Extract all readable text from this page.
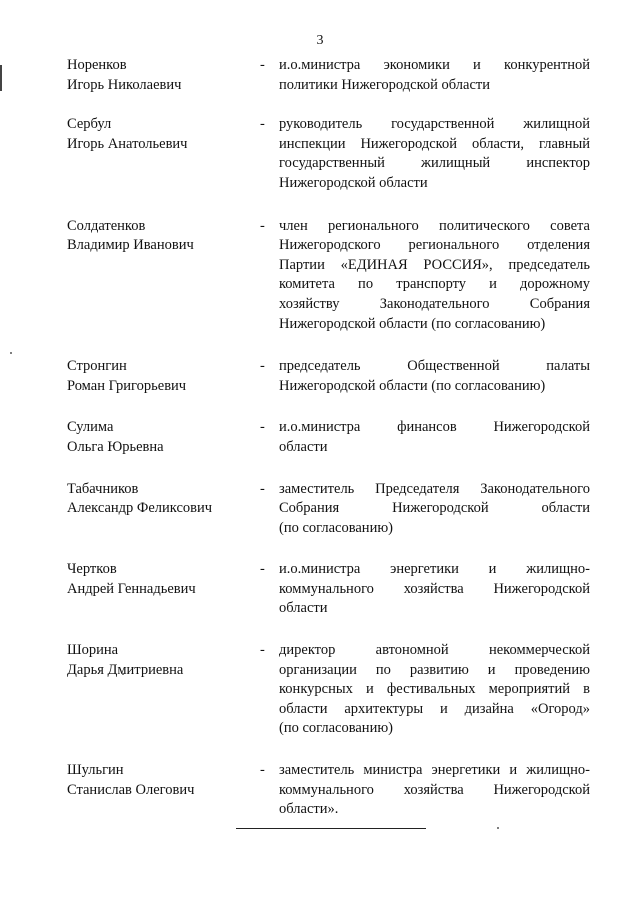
3
Норенков
Игорь Николаевич
- и.о.министра экономики и конкурентной
политики Нижегородской области
Сербул
Игорь Анатольевич
- руководитель государственной жилищной
инспекции Нижегородской области, главный
государственный жилищный инспектор
Нижегородской области
Солдатенков
Владимир Иванович
- член регионального политического совета
Нижегородского регионального отделения
Партии «ЕДИНАЯ РОССИЯ», председатель
комитета по транспорту и дорожному
хозяйству Законодательного Собрания
Нижегородской области (по согласованию)
Стронгин
Роман Григорьевич
- председатель Общественной палаты
Нижегородской области (по согласованию)
Сулима
Ольга Юрьевна
- и.о.министра финансов Нижегородской
области
Табачников
Александр Феликсович
- заместитель Председателя Законодательного
Собрания Нижегородской области
(по согласованию)
Чертков
Андрей Геннадьевич
- и.о.министра энергетики и жилищно-
коммунального хозяйства Нижегородской
области
Шорина
Дарья Дмитриевна
- директор автономной некоммерческой
организации по развитию и проведению
конкурсных и фестивальных мероприятий в
области архитектуры и дизайна «Огород»
(по согласованию)
Шульгин
Станислав Олегович
- заместитель министра энергетики и жилищно-
коммунального хозяйства Нижегородской
области».
